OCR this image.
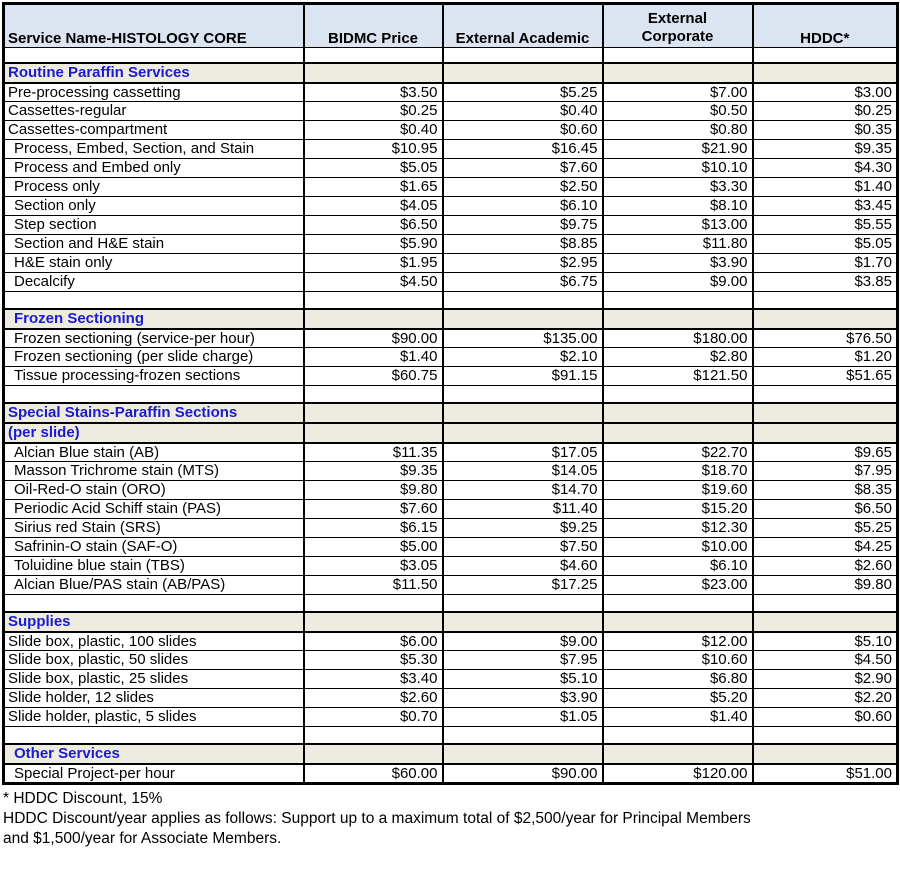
Service Name-HISTOLOGY CORE	BIDMC Price	External Academic	External Corporate	HDDC*

Routine Paraffin Services				
Pre-processing cassetting	$3.50	$5.25	$7.00	$3.00
Cassettes-regular	$0.25	$0.40	$0.50	$0.25
Cassettes-compartment	$0.40	$0.60	$0.80	$0.35
Process, Embed, Section, and Stain	$10.95	$16.45	$21.90	$9.35
Process and Embed only	$5.05	$7.60	$10.10	$4.30
Process only	$1.65	$2.50	$3.30	$1.40
Section only	$4.05	$6.10	$8.10	$3.45
Step section	$6.50	$9.75	$13.00	$5.55
Section and H&E stain	$5.90	$8.85	$11.80	$5.05
H&E stain only	$1.95	$2.95	$3.90	$1.70
Decalcify	$4.50	$6.75	$9.00	$3.85

Frozen Sectioning				
Frozen sectioning (service-per hour)	$90.00	$135.00	$180.00	$76.50
Frozen sectioning (per slide charge)	$1.40	$2.10	$2.80	$1.20
Tissue processing-frozen sections	$60.75	$91.15	$121.50	$51.65

Special Stains-Paraffin Sections				
(per slide)				
Alcian Blue stain (AB)	$11.35	$17.05	$22.70	$9.65
Masson Trichrome stain (MTS)	$9.35	$14.05	$18.70	$7.95
Oil-Red-O stain (ORO)	$9.80	$14.70	$19.60	$8.35
Periodic Acid Schiff stain (PAS)	$7.60	$11.40	$15.20	$6.50
Sirius red Stain (SRS)	$6.15	$9.25	$12.30	$5.25
Safrinin-O stain (SAF-O)	$5.00	$7.50	$10.00	$4.25
Toluidine blue stain (TBS)	$3.05	$4.60	$6.10	$2.60
Alcian Blue/PAS stain (AB/PAS)	$11.50	$17.25	$23.00	$9.80

Supplies				
Slide box, plastic, 100 slides	$6.00	$9.00	$12.00	$5.10
Slide box, plastic, 50 slides	$5.30	$7.95	$10.60	$4.50
Slide box, plastic, 25 slides	$3.40	$5.10	$6.80	$2.90
Slide holder, 12 slides	$2.60	$3.90	$5.20	$2.20
Slide holder, plastic, 5 slides	$0.70	$1.05	$1.40	$0.60

Other Services				
Special Project-per hour	$60.00	$90.00	$120.00	$51.00
* HDDC Discount, 15%
HDDC Discount/year applies as follows: Support up to a maximum total of $2,500/year for Principal Members
and $1,500/year for Associate Members.
